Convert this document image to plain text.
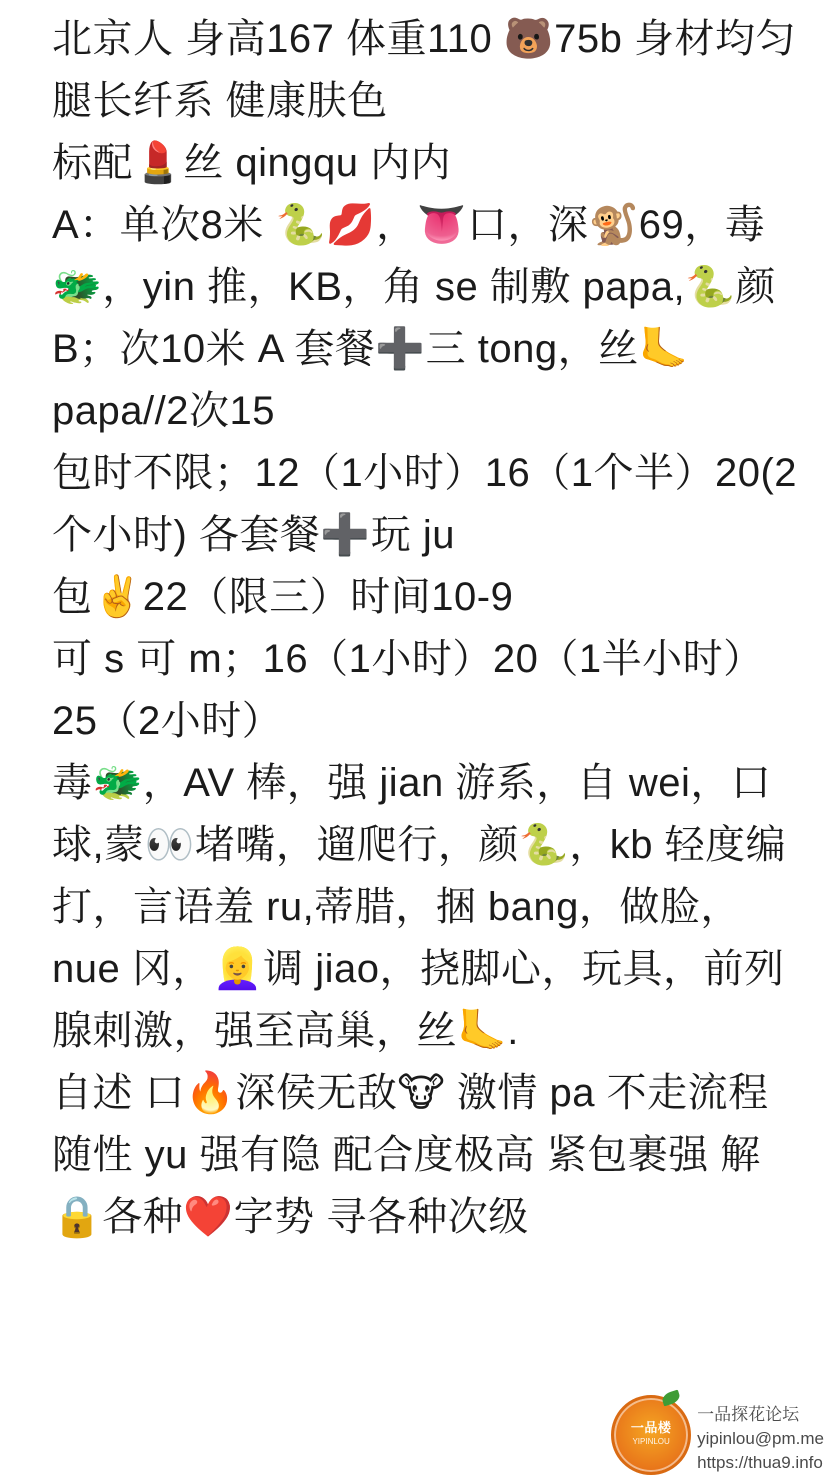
北京人 身高167 体重110 🐻75b 身材均匀 腿长纤系 健康肤色

标配💄丝 qingqu 内内

A：单次8米 🐍💋，👅口，深🐒69，毒🐲，yin 推，KB，角 se 制敷 papa,🐍颜

B；次10米 A 套餐➕三 tong，丝🦶papa//2次15

包时不限；12（1小时）16（1个半）20(2个小时) 各套餐➕玩 ju

包✌️22（限三）时间10-9

可 s 可 m；16（1小时）20（1半小时）25（2小时）

毒🐲，AV 棒，强 jian 游系，自 wei，口球,蒙👀堵嘴，遛爬行，颜🐍，kb 轻度编打，言语羞 ru,蒂腊，捆 bang，做脸，nue 冈，👱‍♀️调 jiao，挠脚心，玩具，前列腺刺激，强至高巢，丝🦶.

自述 口🔥深侯无敌🐮 激情 pa 不走流程 随性 yu 强有隐 配合度极高 紧包裹强 解🔒各种❤️字势 寻各种次级

一品楼
YIPINLOU
一品探花论坛
yipinlou@pm.me
https://thua9.info
